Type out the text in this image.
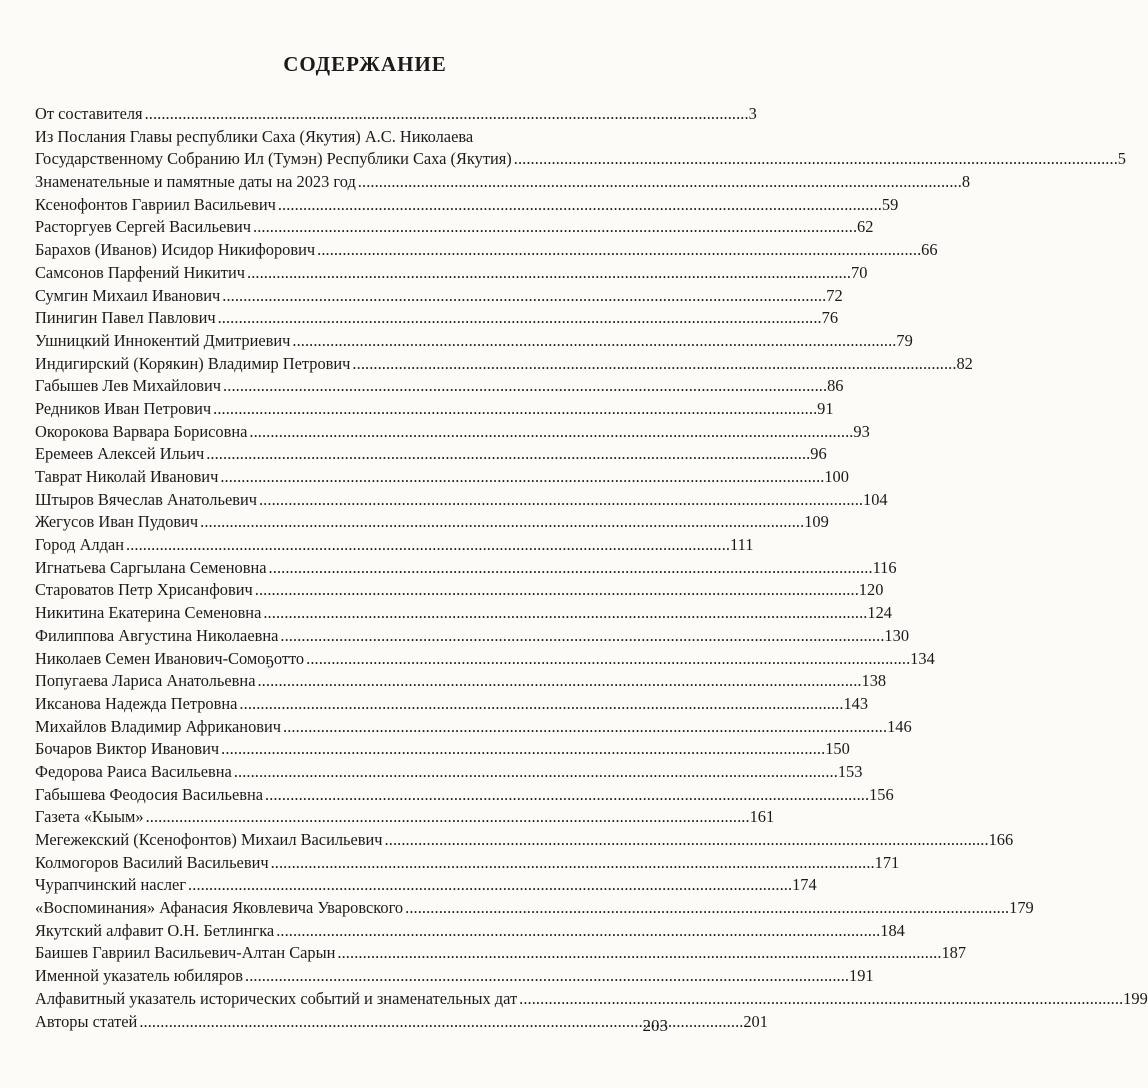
СОДЕРЖАНИЕ
От составителя . . .	3
Из Послания Главы республики Саха (Якутия) А.С. Николаева
Государственному Собранию Ил (Тумэн) Республики Саха (Якутия) . . .	5
Знаменательные и памятные даты на 2023 год . . .	8
Ксенофонтов Гавриил Васильевич . . .	59
Расторгуев Сергей Васильевич . . .	62
Барахов (Иванов) Исидор Никифорович . . .	66
Самсонов Парфений Никитич . . .	70
Сумгин Михаил Иванович . . .	72
Пинигин Павел Павлович . . .	76
Ушницкий Иннокентий Дмитриевич . . .	79
Индигирский (Корякин) Владимир Петрович . . .	82
Габышев Лев Михайлович . . .	86
Редников Иван Петрович . . .	91
Окорокова Варвара Борисовна . . .	93
Еремеев Алексей Ильич . . .	96
Таврат Николай Иванович . . .	100
Штыров Вячеслав Анатольевич . . .	104
Жегусов Иван Пудович . . .	109
Город Алдан . . .	111
Игнатьева Саргылана Семеновна . . .	116
Староватов Петр Хрисанфович . . .	120
Никитина Екатерина Семеновна . . .	124
Филиппова Августина Николаевна . . .	130
Николаев Семен Иванович-Сомоҕотто . . .	134
Попугаева Лариса Анатольевна . . .	138
Иксанова Надежда Петровна . . .	143
Михайлов Владимир Африканович . . .	146
Бочаров Виктор Иванович . . .	150
Федорова Раиса Васильевна . . .	153
Габышева Феодосия Васильевна . . .	156
Газета «Кыым» . . .	161
Мегежекский (Ксенофонтов) Михаил Васильевич . . .	166
Колмогоров Василий Васильевич . . .	171
Чурапчинский наслег . . .	174
«Воспоминания» Афанасия Яковлевича Уваровского . . .	179
Якутский алфавит О.Н. Бетлингка . . .	184
Баишев Гавриил Васильевич-Алтан Сарын . . .	187
Именной указатель юбиляров . . .	191
Алфавитный указатель исторических событий и знаменательных дат . . .	199
Авторы статей . . .	201
203
